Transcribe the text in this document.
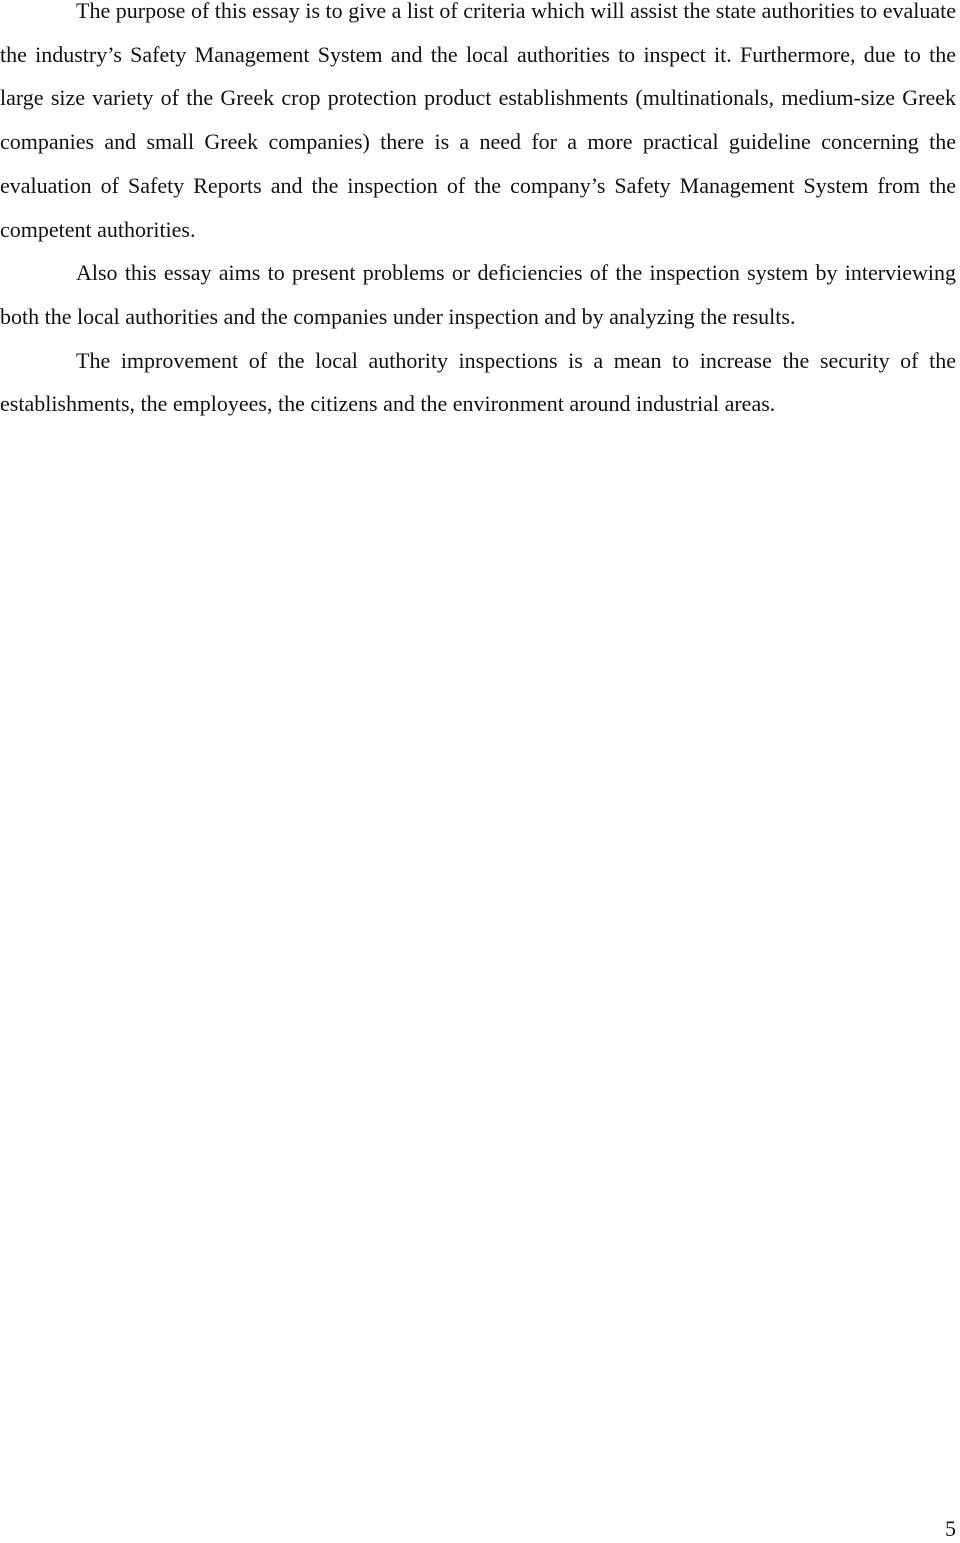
The purpose of this essay is to give a list of criteria which will assist the state authorities to evaluate the industry’s Safety Management System and the local authorities to inspect it. Furthermore, due to the large size variety of the Greek crop protection product establishments (multinationals, medium-size Greek companies and small Greek companies) there is a need for a more practical guideline concerning the evaluation of Safety Reports and the inspection of the company’s Safety Management System from the competent authorities.

Also this essay aims to present problems or deficiencies of the inspection system by interviewing both the local authorities and the companies under inspection and by analyzing the results.

The improvement of the local authority inspections is a mean to increase the security of the establishments, the employees, the citizens and the environment around industrial areas.

5
